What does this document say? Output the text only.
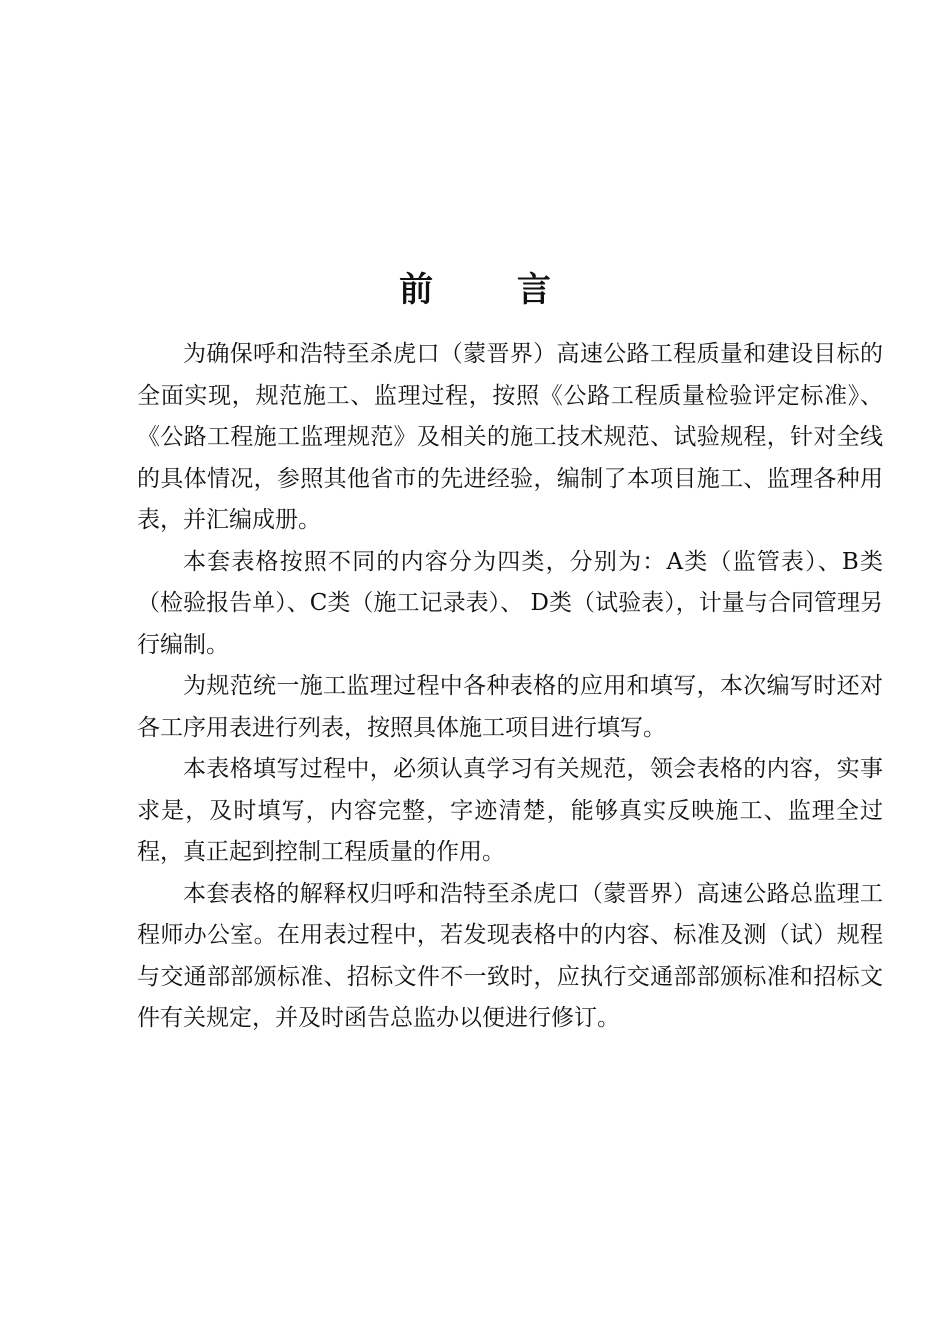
前 言

为确保呼和浩特至杀虎口（蒙晋界）高速公路工程质量和建设目标的全面实现，规范施工、监理过程，按照《公路工程质量检验评定标准》、《公路工程施工监理规范》及相关的施工技术规范、试验规程，针对全线的具体情况，参照其他省市的先进经验，编制了本项目施工、监理各种用表，并汇编成册。

本套表格按照不同的内容分为四类，分别为：A类（监管表）、B类（检验报告单）、C类（施工记录表）、 D类（试验表），计量与合同管理另行编制。

为规范统一施工监理过程中各种表格的应用和填写，本次编写时还对各工序用表进行列表，按照具体施工项目进行填写。

本表格填写过程中，必须认真学习有关规范，领会表格的内容，实事求是，及时填写，内容完整，字迹清楚，能够真实反映施工、监理全过程，真正起到控制工程质量的作用。

本套表格的解释权归呼和浩特至杀虎口（蒙晋界）高速公路总监理工程师办公室。在用表过程中，若发现表格中的内容、标准及测（试）规程与交通部部颁标准、招标文件不一致时，应执行交通部部颁标准和招标文件有关规定，并及时函告总监办以便进行修订。
